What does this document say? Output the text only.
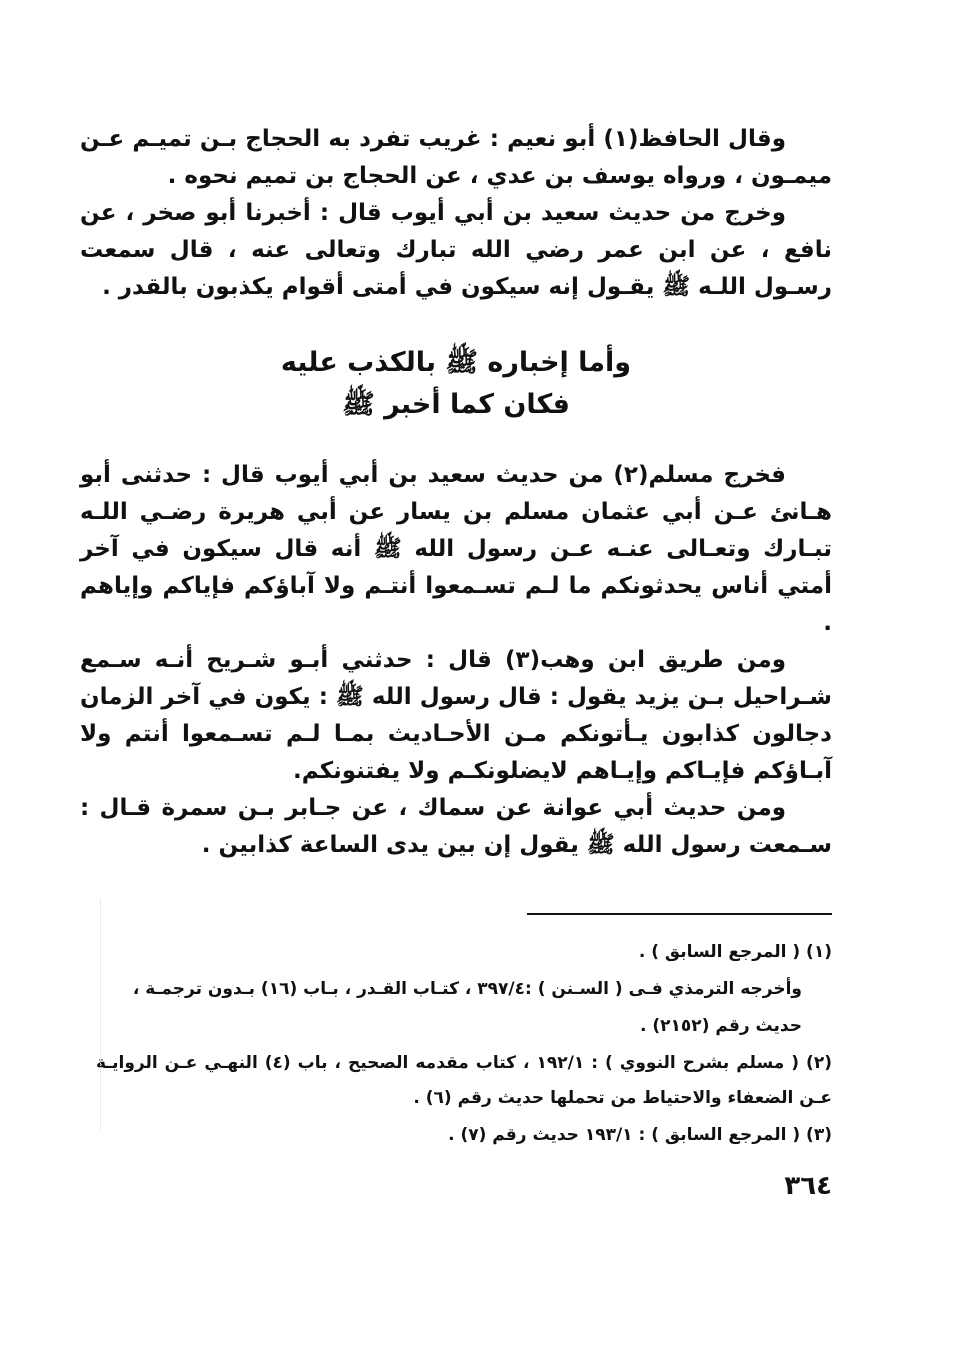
وقال الحافظ(١) أبو نعيم : غريب تفرد به الحجاج بـن تميـم عـن ميمـون ، ورواه يوسف بن عدي ، عن الحجاج بن تميم نحوه .

وخرج من حديث سعيد بن أبي أيوب قال : أخبرنا أبو صخر ، عن نافع ، عن ابن عمر رضي الله تبارك وتعالى عنه ، قال سمعت رسـول اللـه ﷺ يقـول إنه سيكون في أمتى أقوام يكذبون بالقدر .

وأما إخباره ﷺ بالكذب عليه
فكان كما أخبر ﷺ

فخرج مسلم(٢) من حديث سعيد بن أبي أيوب قال : حدثنى أبو هـانئ عـن أبي عثمان مسلم بن يسار عن أبي هريرة رضـي اللـه تبـارك وتعـالى عنـه عـن رسول الله ﷺ أنه قال سيكون في آخر أمتي أناس يحدثونكم ما لـم تسـمعوا أنتـم ولا آباؤكم فإياكم وإياهم .

ومن طريق ابن وهب(٣) قال : حدثني أبـو شـريح أنـه سـمع شـراحيل بـن يزيد يقول : قال رسول الله ﷺ : يكون في آخر الزمان دجالون كذابون يـأتونكم مـن الأحـاديث بمـا لـم تسـمعوا أنتم ولا آبـاؤكم فإيـاكم وإيـاهم لايضلونكـم ولا يفتنونكم.

ومن حديث أبي عوانة عن سماك ، عن جـابر بـن سمرة قـال : سـمعت رسول الله ﷺ يقول إن بين يدى الساعة كذابين .

(١) ( المرجع السابق ) .

وأخرجه الترمذي فـى ( السـنن ) :٣٩٧/٤ ، كتـاب القـدر ، بـاب (١٦) بـدون ترجمـة ،

حديث رقم (٢١٥٢) .

(٢) ( مسلم بشرح النووي ) : ١٩٢/١ ، كتاب مقدمه الصحيح ، باب (٤) النهـي عـن الروايـة عـن الضعفاء والاحتياط من تحملها حديث رقم (٦) .

(٣) ( المرجع السابق ) : ١٩٣/١ حديث رقم (٧) .

٣٦٤
